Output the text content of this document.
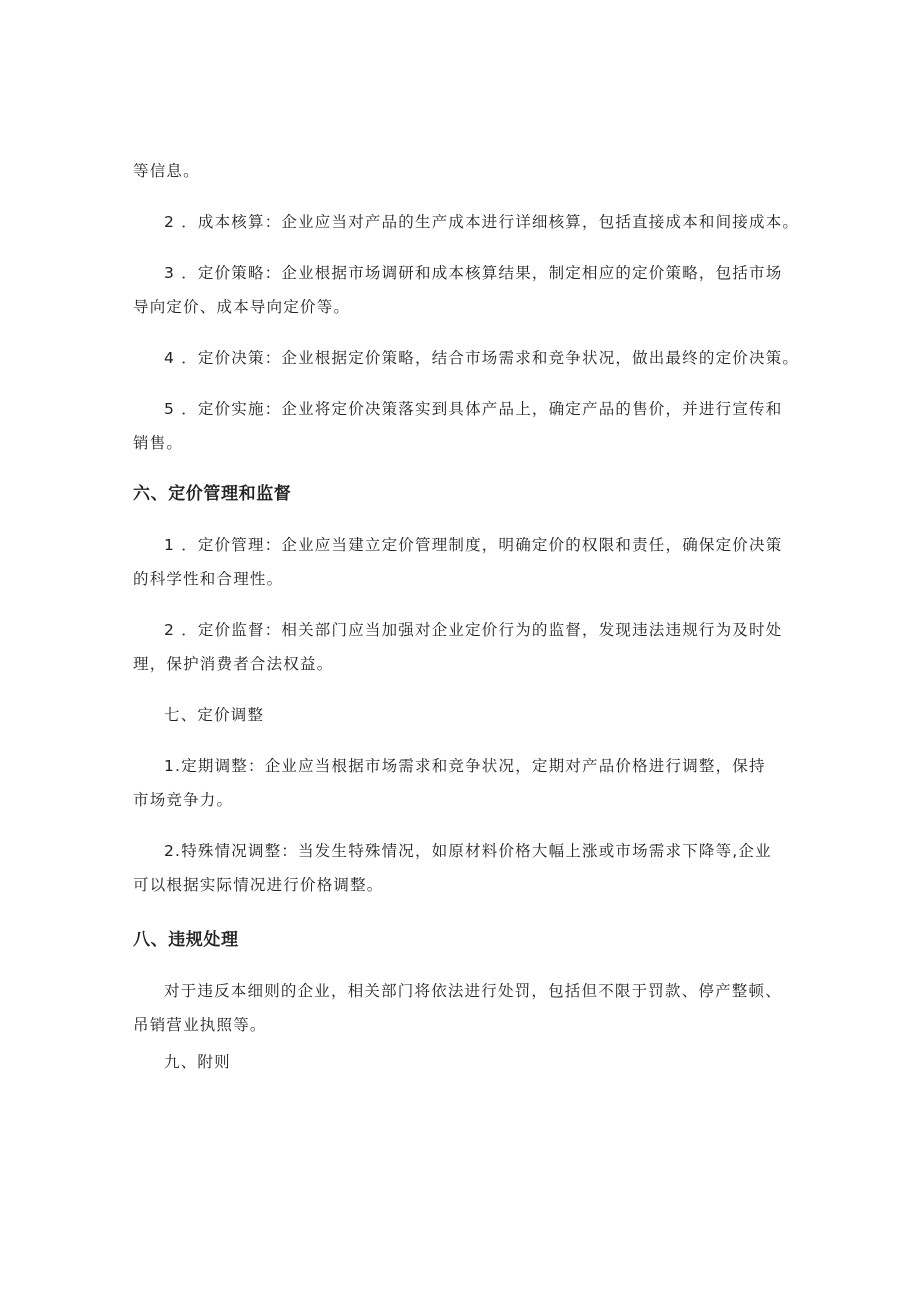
等信息。

2 ．成本核算：企业应当对产品的生产成本进行详细核算，包括直接成本和间接成本。

3 ．定价策略：企业根据市场调研和成本核算结果，制定相应的定价策略，包括市场

导向定价、成本导向定价等。

4 ．定价决策：企业根据定价策略，结合市场需求和竞争状况，做出最终的定价决策。

5 ．定价实施：企业将定价决策落实到具体产品上，确定产品的售价，并进行宣传和

销售。

六、定价管理和监督

1 ．定价管理：企业应当建立定价管理制度，明确定价的权限和责任，确保定价决策

的科学性和合理性。

2 ．定价监督：相关部门应当加强对企业定价行为的监督，发现违法违规行为及时处

理，保护消费者合法权益。

七、定价调整

1.定期调整：企业应当根据市场需求和竞争状况，定期对产品价格进行调整，保持

市场竞争力。

2.特殊情况调整：当发生特殊情况，如原材料价格大幅上涨或市场需求下降等,企业

可以根据实际情况进行价格调整。

八、违规处理

对于违反本细则的企业，相关部门将依法进行处罚，包括但不限于罚款、停产整顿、

吊销营业执照等。

九、附则
